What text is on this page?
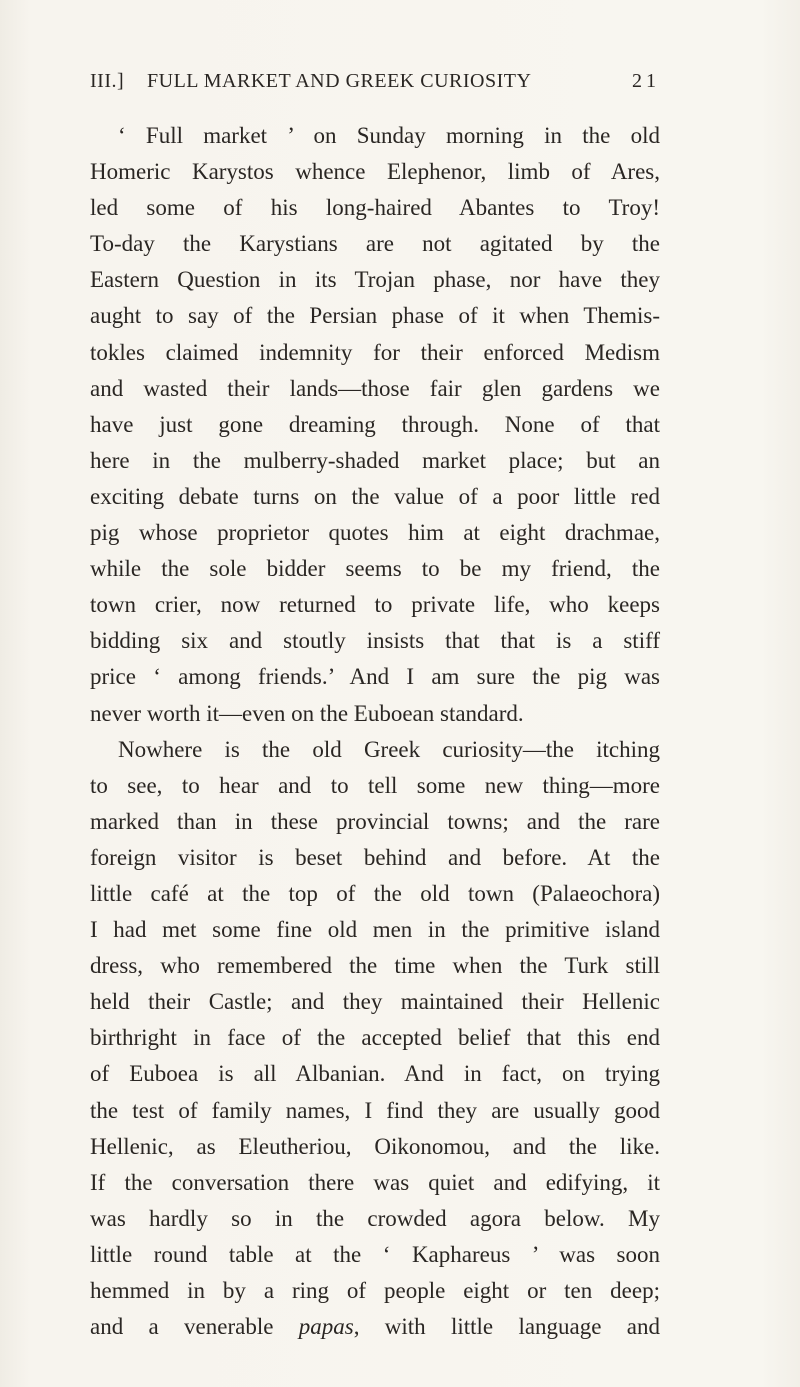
III.] FULL MARKET AND GREEK CURIOSITY	21
‘ Full market ’ on Sunday morning in the old
Homeric Karystos whence Elephenor, limb of Ares,
led some of his long-haired Abantes to Troy!
To-day the Karystians are not agitated by the
Eastern Question in its Trojan phase, nor have they
aught to say of the Persian phase of it when Themis-
tokles claimed indemnity for their enforced Medism
and wasted their lands—those fair glen gardens we
have just gone dreaming through. None of that
here in the mulberry-shaded market place; but an
exciting debate turns on the value of a poor little red
pig whose proprietor quotes him at eight drachmae,
while the sole bidder seems to be my friend, the
town crier, now returned to private life, who keeps
bidding six and stoutly insists that that is a stiff
price ‘ among friends.’ And I am sure the pig was
never worth it—even on the Euboean standard.
Nowhere is the old Greek curiosity—the itching
to see, to hear and to tell some new thing—more
marked than in these provincial towns; and the rare
foreign visitor is beset behind and before. At the
little café at the top of the old town (Palaeochora)
I had met some fine old men in the primitive island
dress, who remembered the time when the Turk still
held their Castle; and they maintained their Hellenic
birthright in face of the accepted belief that this end
of Euboea is all Albanian. And in fact, on trying
the test of family names, I find they are usually good
Hellenic, as Eleutheriou, Oikonomou, and the like.
If the conversation there was quiet and edifying, it
was hardly so in the crowded agora below. My
little round table at the ‘ Kaphareus ’ was soon
hemmed in by a ring of people eight or ten deep;
and a venerable papas, with little language and
